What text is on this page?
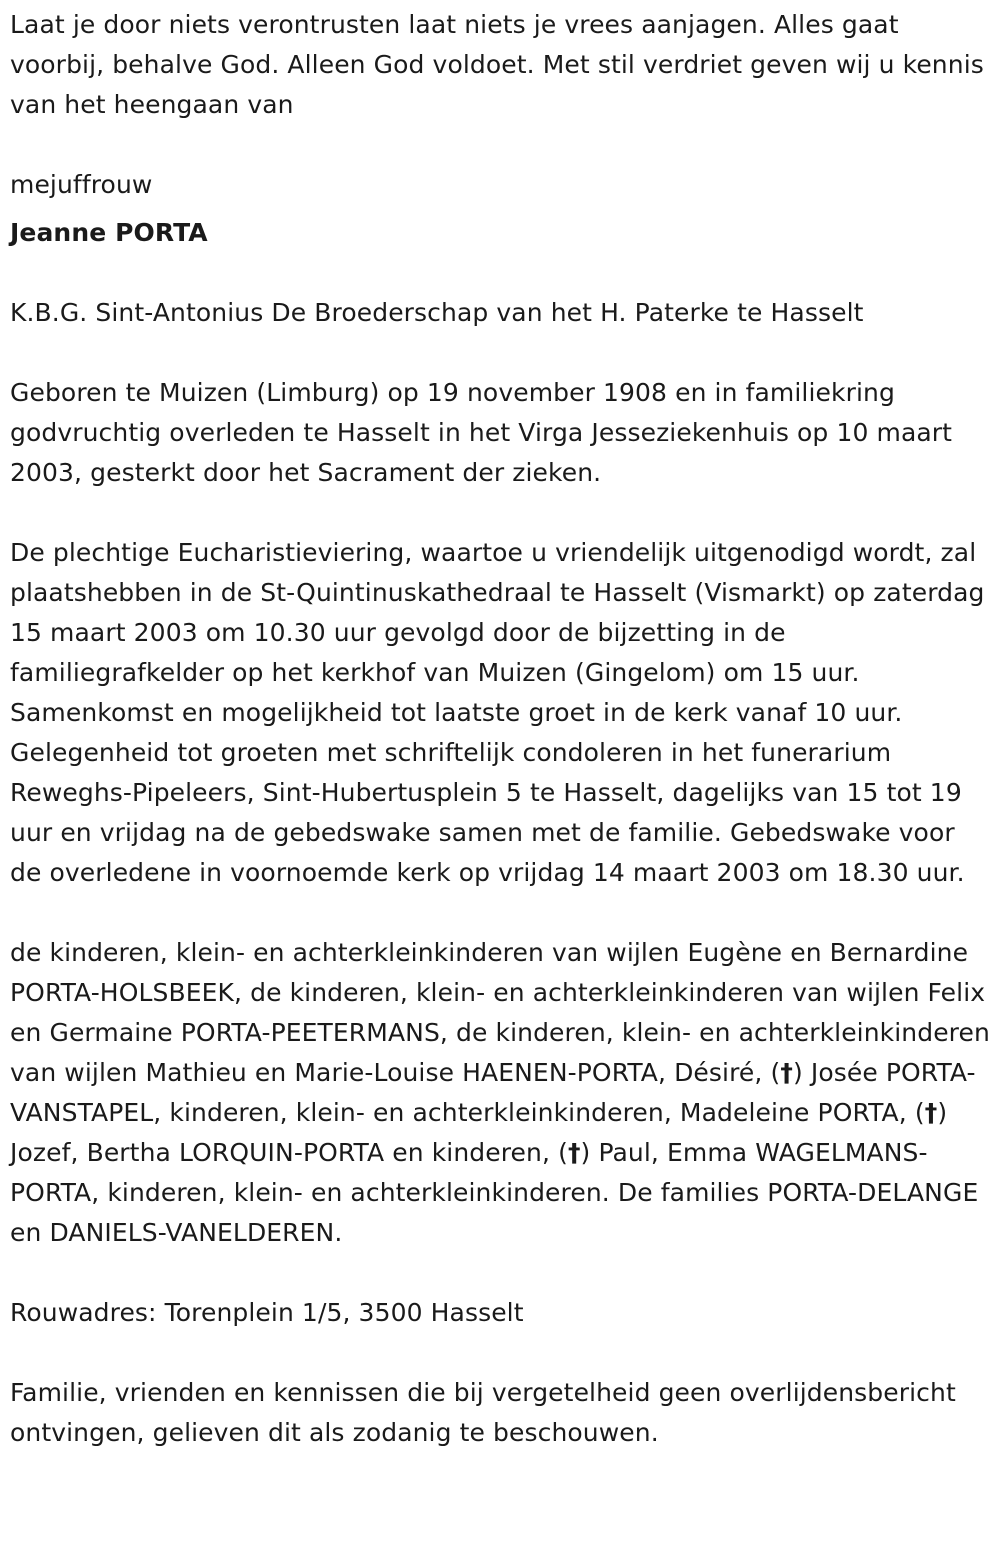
Laat je door niets verontrusten laat niets je vrees aanjagen. Alles gaat voorbij, behalve God. Alleen God voldoet. Met stil verdriet geven wij u kennis van het heengaan van

mejuffrouw

Jeanne PORTA

K.B.G. Sint-Antonius De Broederschap van het H. Paterke te Hasselt

Geboren te Muizen (Limburg) op 19 november 1908 en in familiekring godvruchtig overleden te Hasselt in het Virga Jesseziekenhuis op 10 maart 2003, gesterkt door het Sacrament der zieken.

De plechtige Eucharistieviering, waartoe u vriendelijk uitgenodigd wordt, zal plaatshebben in de St-Quintinuskathedraal te Hasselt (Vismarkt) op zaterdag 15 maart 2003 om 10.30 uur gevolgd door de bijzetting in de familiegrafkelder op het kerkhof van Muizen (Gingelom) om 15 uur. Samenkomst en mogelijkheid tot laatste groet in de kerk vanaf 10 uur. Gelegenheid tot groeten met schriftelijk condoleren in het funerarium Reweghs-Pipeleers, Sint-Hubertusplein 5 te Hasselt, dagelijks van 15 tot 19 uur en vrijdag na de gebedswake samen met de familie. Gebedswake voor de overledene in voornoemde kerk op vrijdag 14 maart 2003 om 18.30 uur.

de kinderen, klein- en achterkleinkinderen van wijlen Eugène en Bernardine PORTA-HOLSBEEK, de kinderen, klein- en achterkleinkinderen van wijlen Felix en Germaine PORTA-PEETERMANS, de kinderen, klein- en achterkleinkinderen van wijlen Mathieu en Marie-Louise HAENEN-PORTA, Désiré, (†) Josée PORTA-VANSTAPEL, kinderen, klein- en achterkleinkinderen, Madeleine PORTA, (†) Jozef, Bertha LORQUIN-PORTA en kinderen, (†) Paul, Emma WAGELMANS-PORTA, kinderen, klein- en achterkleinkinderen. De families PORTA-DELANGE en DANIELS-VANELDEREN.

Rouwadres: Torenplein 1/5, 3500 Hasselt

Familie, vrienden en kennissen die bij vergetelheid geen overlijdensbericht ontvingen, gelieven dit als zodanig te beschouwen.
